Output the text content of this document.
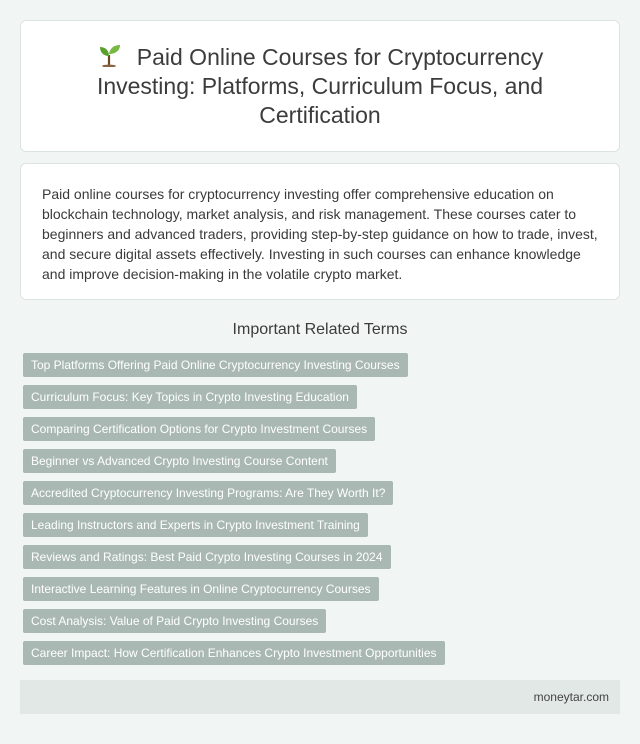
Paid Online Courses for Cryptocurrency Investing: Platforms, Curriculum Focus, and Certification

Paid online courses for cryptocurrency investing offer comprehensive education on blockchain technology, market analysis, and risk management. These courses cater to beginners and advanced traders, providing step-by-step guidance on how to trade, invest, and secure digital assets effectively. Investing in such courses can enhance knowledge and improve decision-making in the volatile crypto market.

Important Related Terms
Top Platforms Offering Paid Online Cryptocurrency Investing Courses
Curriculum Focus: Key Topics in Crypto Investing Education
Comparing Certification Options for Crypto Investment Courses
Beginner vs Advanced Crypto Investing Course Content
Accredited Cryptocurrency Investing Programs: Are They Worth It?
Leading Instructors and Experts in Crypto Investment Training
Reviews and Ratings: Best Paid Crypto Investing Courses in 2024
Interactive Learning Features in Online Cryptocurrency Courses
Cost Analysis: Value of Paid Crypto Investing Courses
Career Impact: How Certification Enhances Crypto Investment Opportunities
moneytar.com
